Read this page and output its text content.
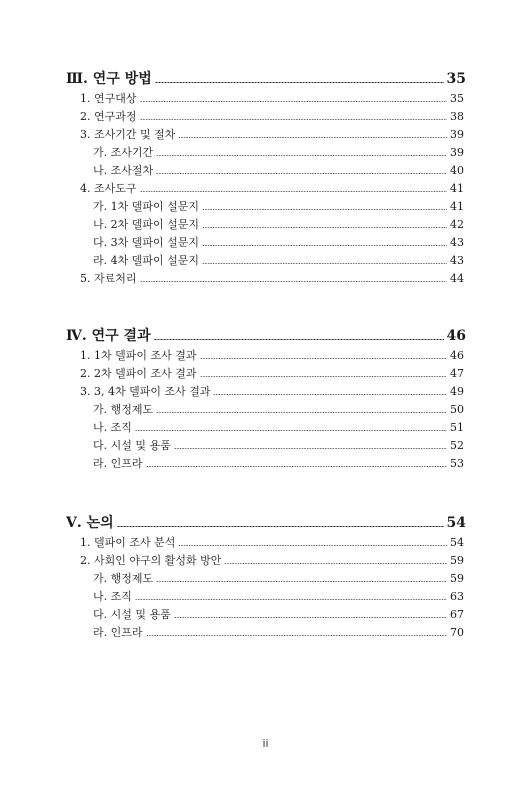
Ⅲ. 연구 방법	35
1. 연구대상	35
2. 연구과정	38
3. 조사기간 및 절차	39
가. 조사기간	39
나. 조사절차	40
4. 조사도구	41
가. 1차 델파이 설문지	41
나. 2차 델파이 설문지	42
다. 3차 델파이 설문지	43
라. 4차 델파이 설문지	43
5. 자료처리	44
Ⅳ. 연구 결과	46
1. 1차 델파이 조사 결과	46
2. 2차 델파이 조사 결과	47
3. 3, 4차 델파이 조사 결과	49
가. 행정제도	50
나. 조직	51
다. 시설 및 용품	52
라. 인프라	53
Ⅴ. 논의	54
1. 델파이 조사 분석	54
2. 사회인 야구의 활성화 방안	59
가. 행정제도	59
나. 조직	63
다. 시설 및 용품	67
라. 인프라	70
ii
